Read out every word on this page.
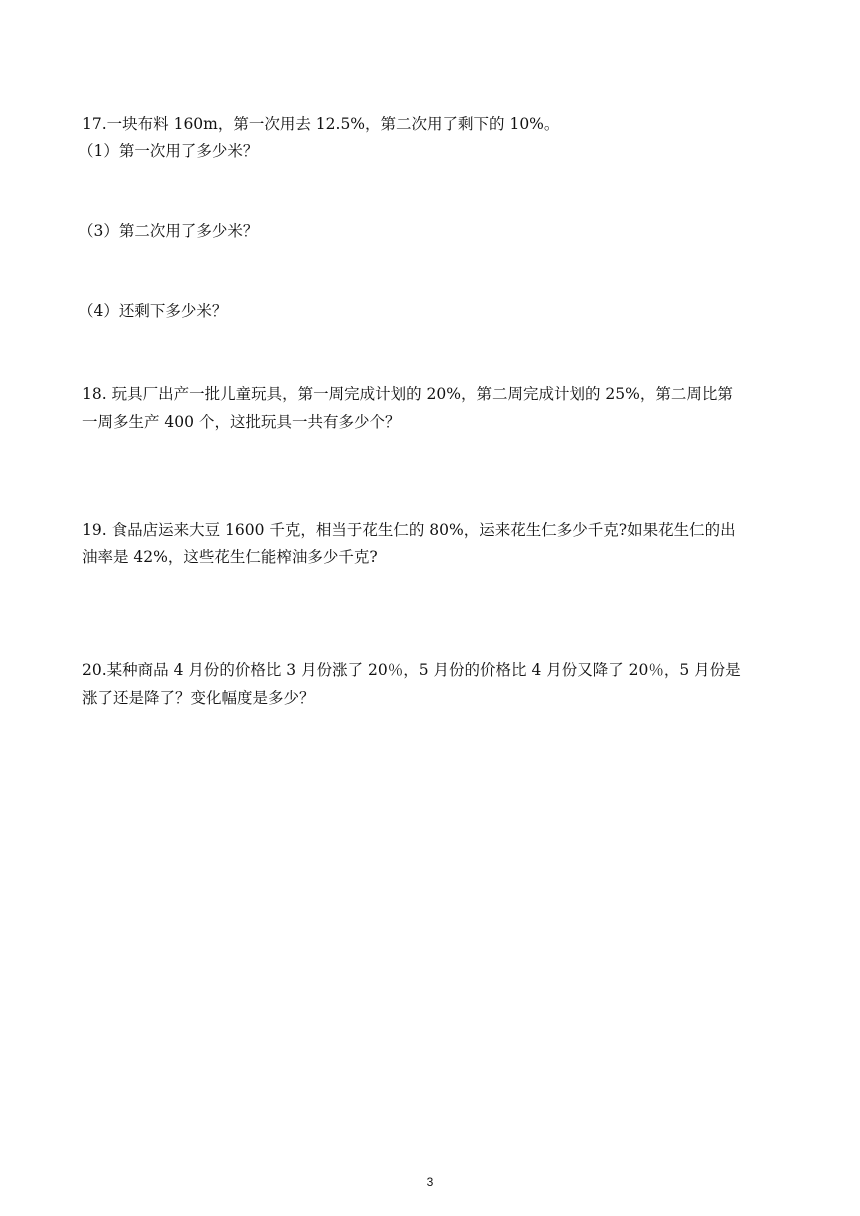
17.一块布料 160m，第一次用去 12.5%，第二次用了剩下的 10%。
（1）第一次用了多少米？
（3）第二次用了多少米？
（4）还剩下多少米？
18. 玩具厂出产一批儿童玩具，第一周完成计划的 20%，第二周完成计划的 25%，第二周比第
一周多生产 400 个，这批玩具一共有多少个？
19. 食品店运来大豆 1600 千克，相当于花生仁的 80%，运来花生仁多少千克?如果花生仁的出
油率是 42%，这些花生仁能榨油多少千克?
20.某种商品 4 月份的价格比 3 月份涨了 20％，5 月份的价格比 4 月份又降了 20％，5 月份是
涨了还是降了？变化幅度是多少？
3
